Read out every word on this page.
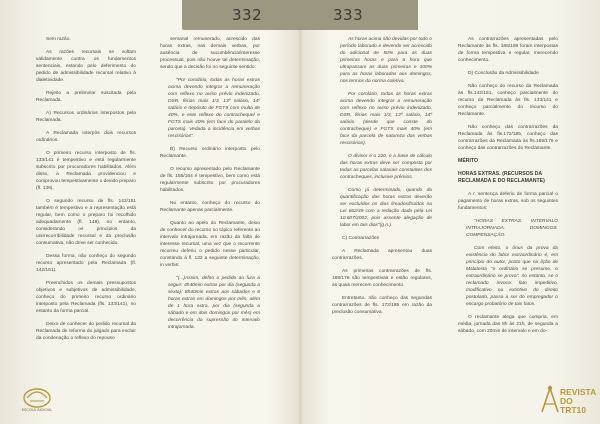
332

Sem razão.

As razões recursais se voltam validamente contra os fundamentos sentenciais, estando pelo deferimento do pedido de admissibilidade recursal relativo à dialetividade.

Rejeito a preliminar suscitada pela Reclamada.

A) Recursos ordinários interpostos pela Reclamada.

A Reclamada interpôs dois recursos ordinários.

O primeiro recurso interposto de fls. 133/141 é tempestivo e está regularmente subscrito por procuradores habilitados. Além disso, a Reclamada providenciou e comprovou tempestivamente o devido preparo (fl. 139).

O segundo recurso de fls. 142/151 também é tempestivo e a representação está regular, bem como o preparo foi recolhido adequadamente (fl. 148), no entanto, considerando os princípios da unirrecorribilidade recursal e da preclusão consumativa, não deve ser conhecido.

Dessa forma, não conheço do segundo recurso apresentado pela Reclamada (fl. 142/151).

Preenchidos os demais pressupostos objetivos e subjetivos de admissibilidade, conheço do primeiro recurso ordinário interposto pela Reclamada (fls. 133/141), no entanto da forma parcial.

Deixo de conhecer do pedido recursal da Reclamada de reforma do julgado para excluir da condenação o reflexo do repouso

semanal remunerado, acrescido das horas extras, nas demais verbas, por ausência de sucumbência/interesse processual, pois não houve tal determinação, sendo que a decisão foi no seguinte sentido:

"Por corolário, todas as horas extras acima devendo integrar a remuneração com reflexo no aviso prévio indenizado, DSR, férias mais 1/3, 13º salário, 14º salário e depósito de FGTS com multa de 40%, e este reflexo do contrachequel e FGTS mais 40% (em face do paralelo da parcela). Vedada a incidência em verbas rescisórias".

B) Recurso ordinário interposto pelo Reclamante.

O recurso apresentado pelo Reclamante de fls. 155/164 é tempestivo, bem como está regularmente subscrito por procuradores habilitados.

No entanto, conheço do recurso do Reclamante apenas parcialmente.

Quanto ao apelo do Reclamante, deixo de conhecer do recurso no tópico referente ao intervalo intrajornada, em razão da falta de interesse recursal, uma vez que o recorrente recorreu deferiu o pedido nesse particular, constando à fl. 122 a seguinte determinação, in verbis:

"(...)Assim, defiro o pedido ao fura a seguir: 4h40min extras por dia (segunda a sexta): 8h40min extras aos sábados e 8 horas extras em domingos por mês, além de 1 hora extra, por dia (segunda a sábado e em dois domingos por mês) em decorrência da supressão do intervalo intrajornada.

ESCOLA JUDICIAL
333

As horas acima são devidas por todo o período laborado e devendo ser acrescido do adicional de 50% para as duas primeiras horas e para a hora que ultrapassam as duas primeiras e 100% para as horas laboradas aos domingos, nos termos da norma coletiva.

Por corolário, todas as horas extras acima devendo integrar a remuneração com reflexo no aviso prévio indenizado, DSR, férias mais 1/3, 13º salário, 14º salário (desde que conste do contracheque) e FGTS mais 40% (em face da parcela de natureza das verbas rescisórias).

O divisor é o 220, e a base de cálculo das horas extras deve ser composta por todas as parcelas salariais constantes dos contracheques, inclusive prêmios.

Como já determinado, quando da quantificação das horas extras deverão ser excluídos os dias limados/fruídos na Lei 662/49 com a redação dada pela Lei 10.607/2002, pois assente alegação de labor em tais dias"(g.n.).

C) Contrarrazões

A Reclamada apresentou duas contrarrazões.

As primeiras contrarrazões de fls. 169/176 são tempestivas e estão regulares, as quais merecem conhecimento.

Entretanto, não conheço das segundas contrarrazões de fls. 172/185 em razão da preclusão consumativa.

As contrarrazões apresentadas pelo Reclamante às fls. 186/189 foram interpostas de forma tempestiva e regular, merecendo conhecimento.

D) Conclusão da Admissibilidade

Não conheço do recurso da Reclamada às fls.142/151, conheço parcialmente do recurso da Reclamada às fls. 133/141 e conheço parcialmente do recurso do Reclamante.

Não conheço das contrarrazões da Reclamada às fls.172/185, conheço das contrarrazões da Reclamada às fls.169/176 e conheço das contrarrazões do Reclamante.

MÉRITO
HORAS EXTRAS. (RECURSOS DA RECLAMADA E DO RECLAMANTE)

A r. sentença deferiu de forma parcial o pagamento de horas extras, sob os seguintes fundamentos:

"HORAS EXTRAS. INTERVALO INTRAJORNADA. DOMINGOS. COMPENSAÇÃO.

Com efeito, o ônus da prova da existência do labor extraordinário é, em princípio do autor, posto que na lição de Malatesta "o ordinário se presume, o extraordinário se prova", no entanto, se o reclamado invoca fato impeditivo, modificativo ou extintivo do direito postulado, passa a ser do empregador o encargo probatório de tais fatos.

O reclamante alega que cumpria, em média, jornada das 8h às 21h, de segunda a sábado, com 20min de intervalo e em do-

REVISTA
DO TRT10
